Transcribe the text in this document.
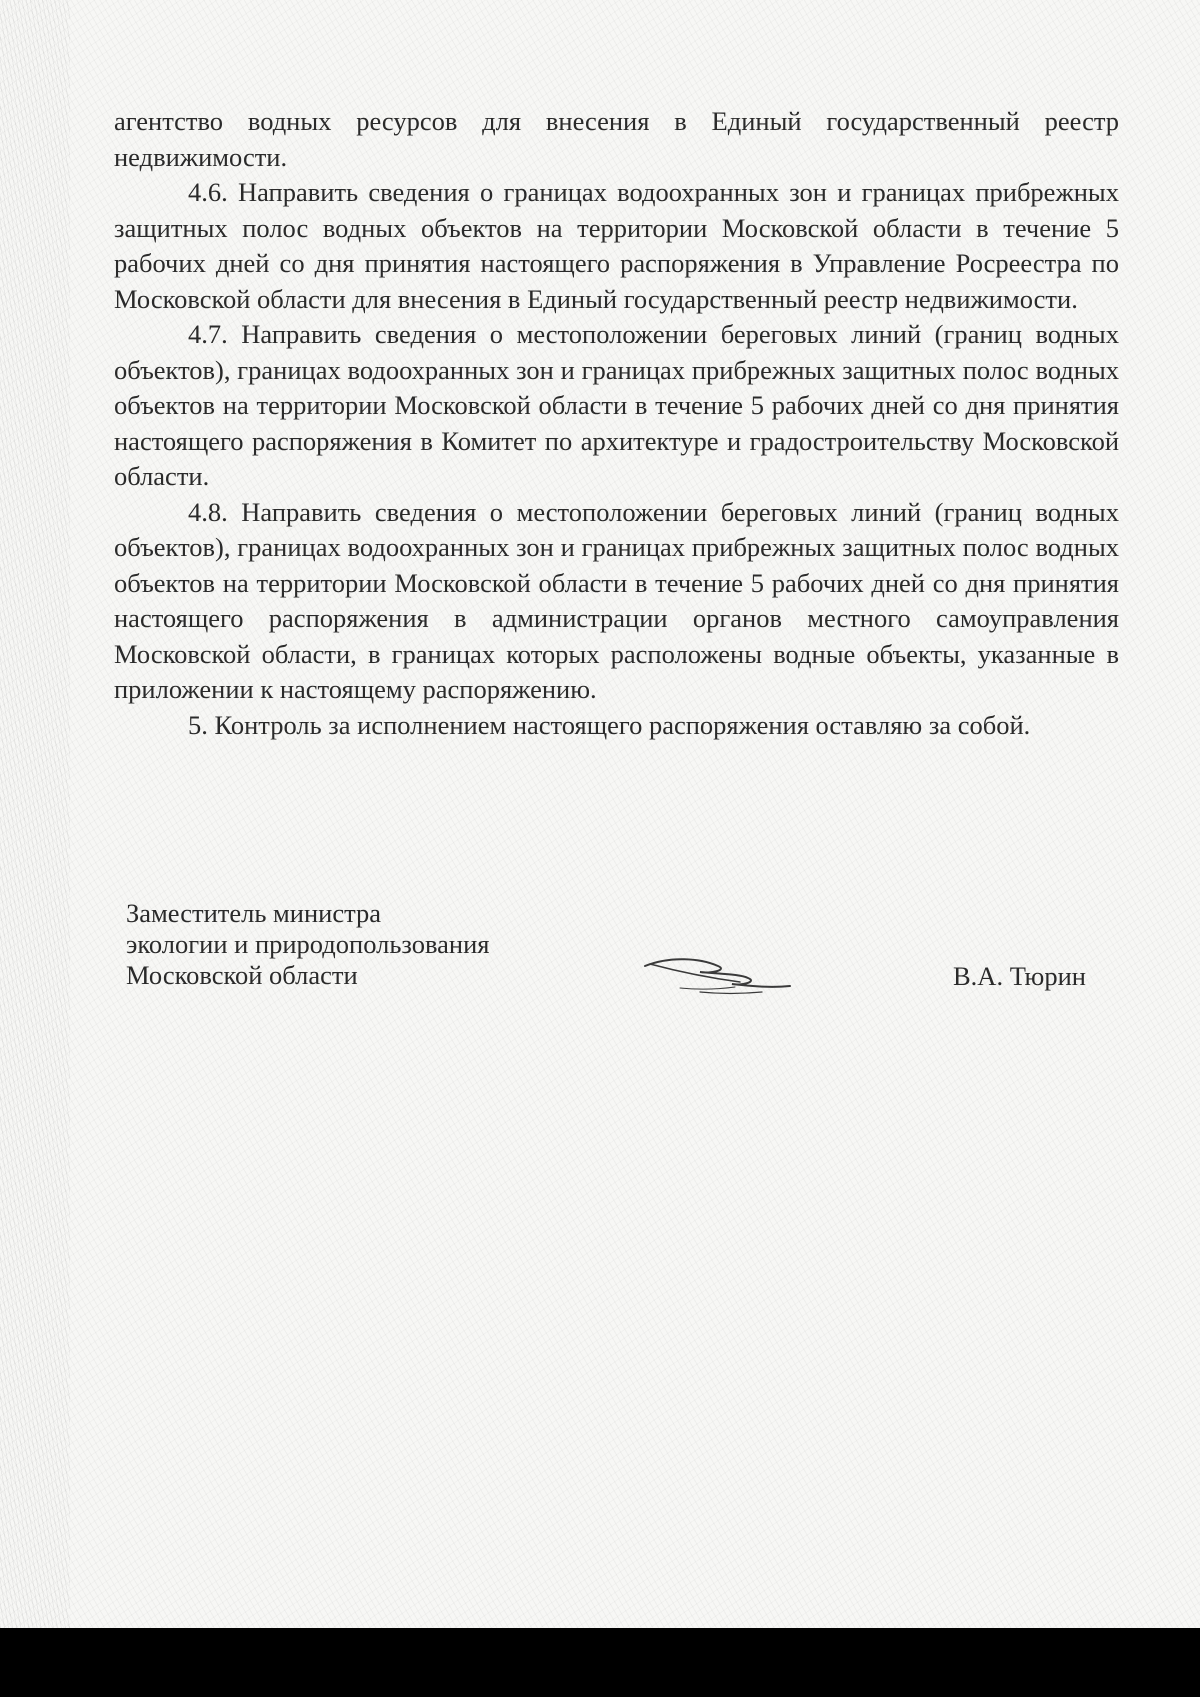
агентство водных ресурсов для внесения в Единый государственный реестр недвижимости.

4.6. Направить сведения о границах водоохранных зон и границах прибрежных защитных полос водных объектов на территории Московской области в течение 5 рабочих дней со дня принятия настоящего распоряжения в Управление Росреестра по Московской области для внесения в Единый государственный реестр недвижимости.

4.7. Направить сведения о местоположении береговых линий (границ водных объектов), границах водоохранных зон и границах прибрежных защитных полос водных объектов на территории Московской области в течение 5 рабочих дней со дня принятия настоящего распоряжения в Комитет по архитектуре и градостроительству Московской области.

4.8. Направить сведения о местоположении береговых линий (границ водных объектов), границах водоохранных зон и границах прибрежных защитных полос водных объектов на территории Московской области в течение 5 рабочих дней со дня принятия настоящего распоряжения в администрации органов местного самоуправления Московской области, в границах которых расположены водные объекты, указанные в приложении к настоящему распоряжению.

5. Контроль за исполнением настоящего распоряжения оставляю за собой.

Заместитель министра
экологии и природопользования
Московской области	В.А. Тюрин
